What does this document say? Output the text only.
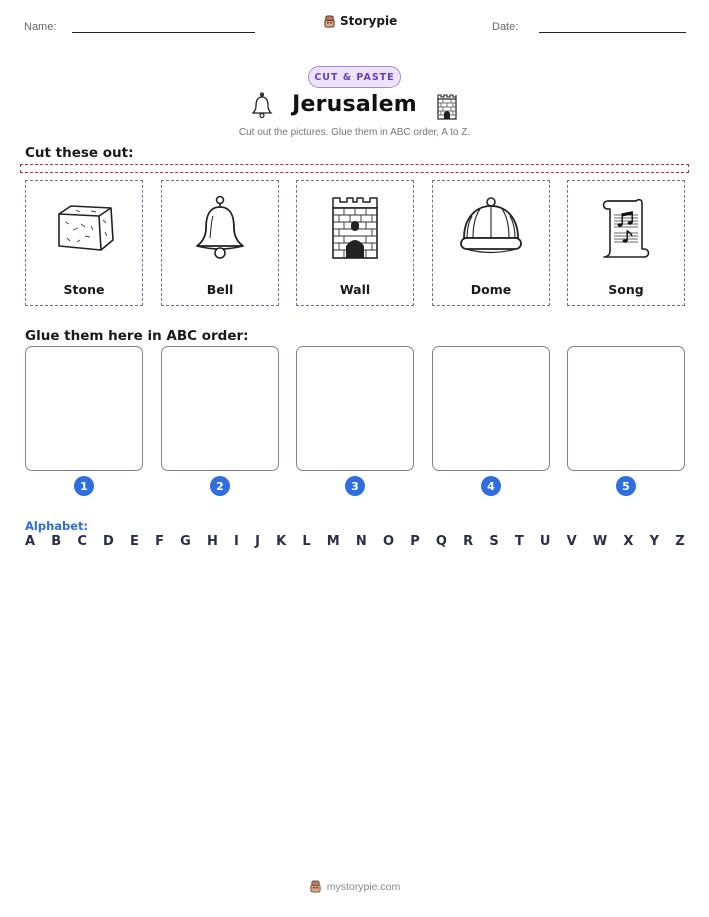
Name:	Storypie	Date:
CUT & PASTE
Jerusalem
Cut out the pictures. Glue them in ABC order, A to Z.
Cut these out:
Stone	Bell	Wall	Dome	Song
Glue them here in ABC order:
1	2	3	4	5
Alphabet:
A B C D E F G H I J K L M N O P Q R S T U V W X Y Z
mystorypie.com
